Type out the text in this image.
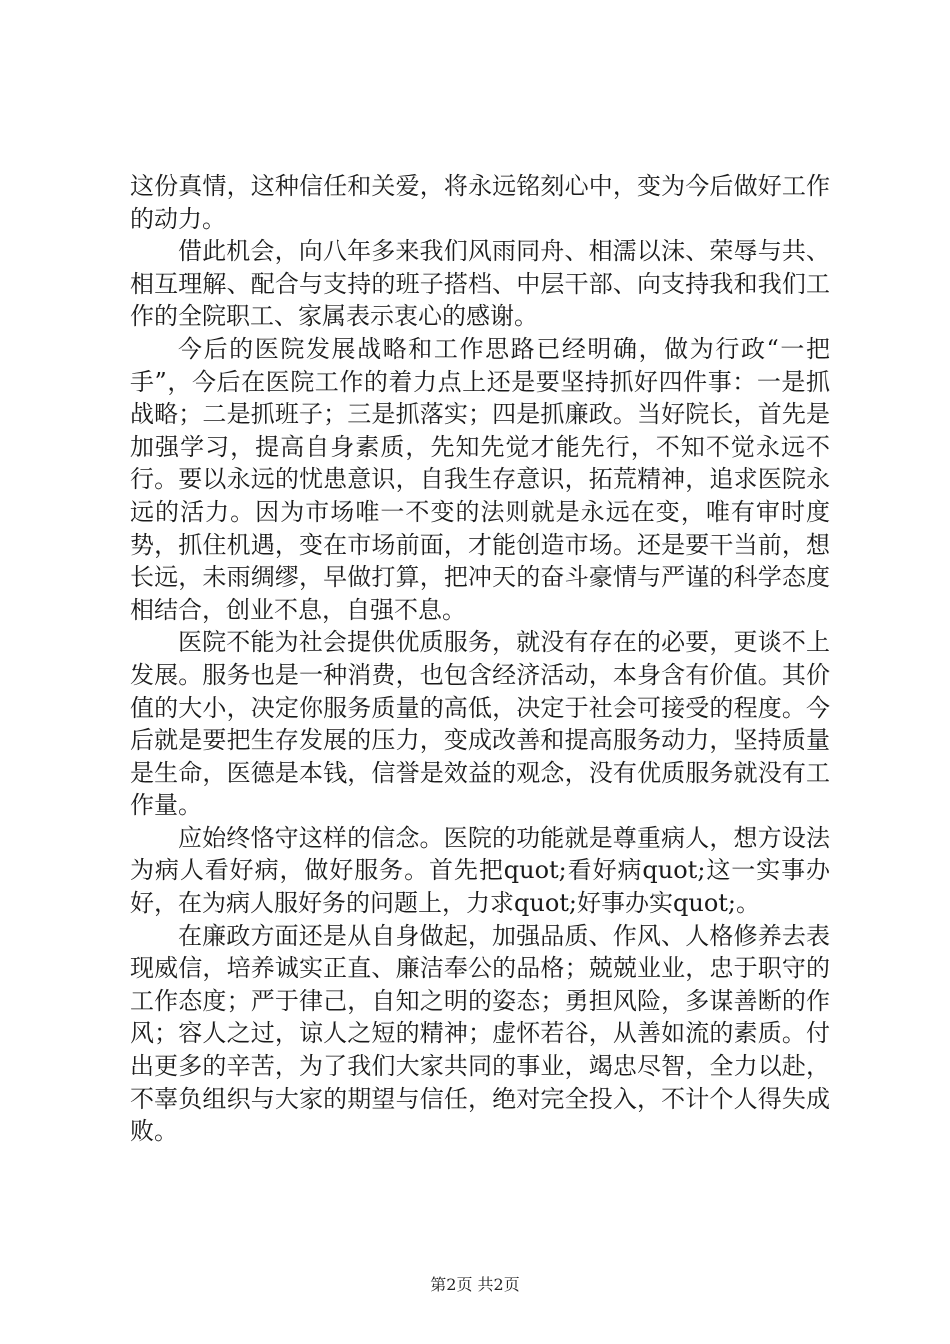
这份真情，这种信任和关爱，将永远铭刻心中，变为今后做好工作的动力。

借此机会，向八年多来我们风雨同舟、相濡以沫、荣辱与共、相互理解、配合与支持的班子搭档、中层干部、向支持我和我们工作的全院职工、家属表示衷心的感谢。

今后的医院发展战略和工作思路已经明确，做为行政“一把手”，今后在医院工作的着力点上还是要坚持抓好四件事：一是抓战略；二是抓班子；三是抓落实；四是抓廉政。当好院长，首先是加强学习，提高自身素质，先知先觉才能先行，不知不觉永远不行。要以永远的忧患意识，自我生存意识，拓荒精神，追求医院永远的活力。因为市场唯一不变的法则就是永远在变，唯有审时度势，抓住机遇，变在市场前面，才能创造市场。还是要干当前，想长远，未雨绸缪，早做打算，把冲天的奋斗豪情与严谨的科学态度相结合，创业不息，自强不息。

医院不能为社会提供优质服务，就没有存在的必要，更谈不上发展。服务也是一种消费，也包含经济活动，本身含有价值。其价值的大小，决定你服务质量的高低，决定于社会可接受的程度。今后就是要把生存发展的压力，变成改善和提高服务动力，坚持质量是生命，医德是本钱，信誉是效益的观念，没有优质服务就没有工作量。

应始终恪守这样的信念。医院的功能就是尊重病人，想方设法为病人看好病，做好服务。首先把quot;看好病quot;这一实事办好，在为病人服好务的问题上，力求quot;好事办实quot;。

在廉政方面还是从自身做起，加强品质、作风、人格修养去表现威信，培养诚实正直、廉洁奉公的品格；兢兢业业，忠于职守的工作态度；严于律己，自知之明的姿态；勇担风险，多谋善断的作风；容人之过，谅人之短的精神；虚怀若谷，从善如流的素质。付出更多的辛苦，为了我们大家共同的事业，竭忠尽智，全力以赴，不辜负组织与大家的期望与信任，绝对完全投入，不计个人得失成败。

第2页 共2页
